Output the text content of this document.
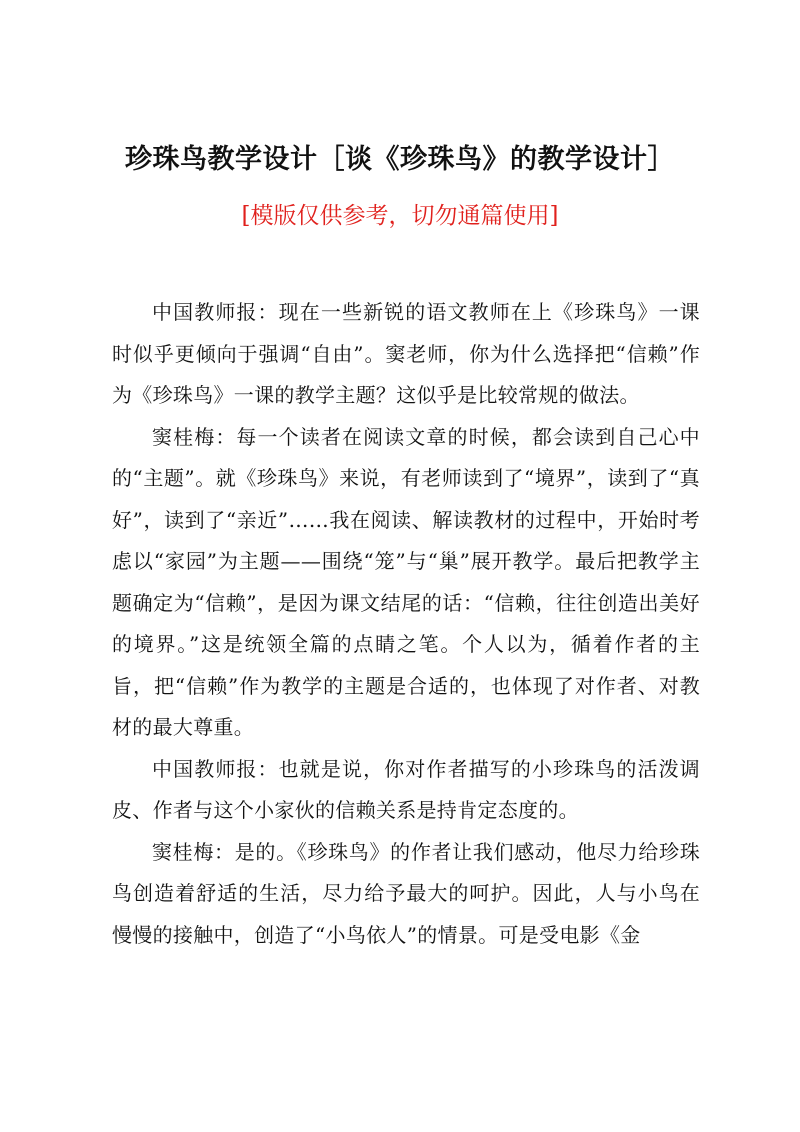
珍珠鸟教学设计［谈《珍珠鸟》的教学设计］
[模版仅供参考，切勿通篇使用]

中国教师报：现在一些新锐的语文教师在上《珍珠鸟》一课时似乎更倾向于强调“自由”。窦老师，你为什么选择把“信赖”作为《珍珠鸟》一课的教学主题？这似乎是比较常规的做法。

窦桂梅：每一个读者在阅读文章的时候，都会读到自己心中的“主题”。就《珍珠鸟》来说，有老师读到了“境界”，读到了“真好”，读到了“亲近”……我在阅读、解读教材的过程中，开始时考虑以“家园”为主题——围绕“笼”与“巢”展开教学。最后把教学主题确定为“信赖”，是因为课文结尾的话：“信赖，往往创造出美好的境界。”这是统领全篇的点睛之笔。个人以为，循着作者的主旨，把“信赖”作为教学的主题是合适的，也体现了对作者、对教材的最大尊重。

中国教师报：也就是说，你对作者描写的小珍珠鸟的活泼调皮、作者与这个小家伙的信赖关系是持肯定态度的。

窦桂梅：是的。《珍珠鸟》的作者让我们感动，他尽力给珍珠鸟创造着舒适的生活，尽力给予最大的呵护。因此，人与小鸟在慢慢的接触中，创造了“小鸟依人”的情景。可是受电影《金
